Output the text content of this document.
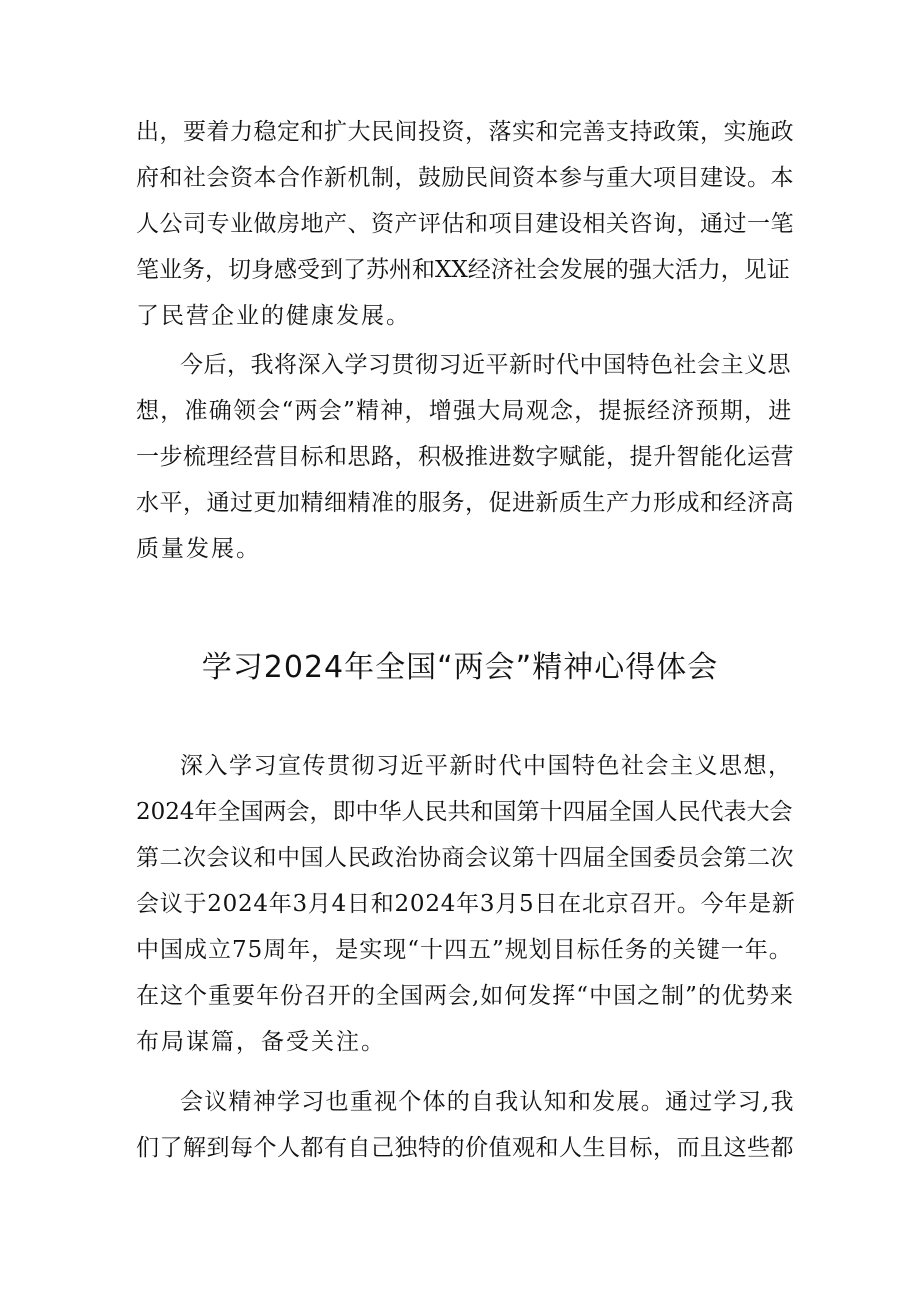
出，要着力稳定和扩大民间投资，落实和完善支持政策，实施政
府和社会资本合作新机制，鼓励民间资本参与重大项目建设。本
人公司专业做房地产、资产评估和项目建设相关咨询，通过一笔
笔业务，切身感受到了苏州和XX经济社会发展的强大活力，见证
了民营企业的健康发展。
今后，我将深入学习贯彻习近平新时代中国特色社会主义思
想，准确领会“两会”精神，增强大局观念，提振经济预期，进
一步梳理经营目标和思路，积极推进数字赋能，提升智能化运营
水平，通过更加精细精准的服务，促进新质生产力形成和经济高
质量发展。
学习2024年全国“两会”精神心得体会
深入学习宣传贯彻习近平新时代中国特色社会主义思想，
2024年全国两会，即中华人民共和国第十四届全国人民代表大会
第二次会议和中国人民政治协商会议第十四届全国委员会第二次
会议于2024年3月4日和2024年3月5日在北京召开。今年是新
中国成立75周年，是实现“十四五”规划目标任务的关键一年。
在这个重要年份召开的全国两会,如何发挥“中国之制”的优势来
布局谋篇，备受关注。
会议精神学习也重视个体的自我认知和发展。通过学习,我
们了解到每个人都有自己独特的价值观和人生目标，而且这些都
